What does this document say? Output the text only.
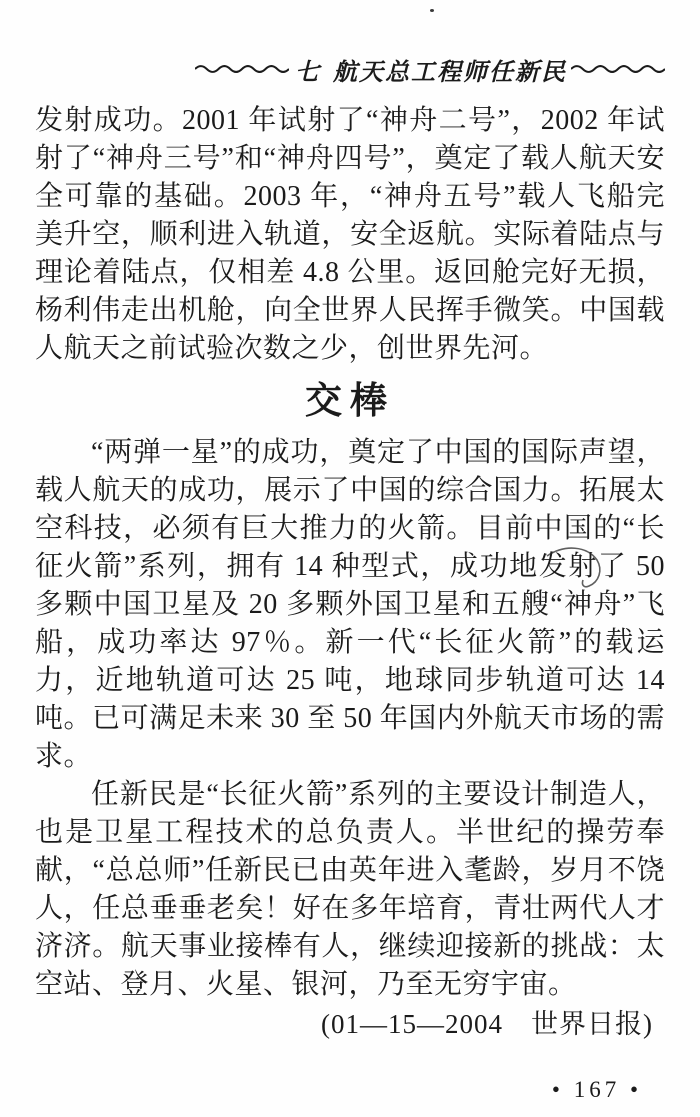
七 航天总工程师任新民

发射成功。2001 年试射了“神舟二号”，2002 年试射了“神舟三号”和“神舟四号”，奠定了载人航天安全可靠的基础。2003 年，“神舟五号”载人飞船完美升空，顺利进入轨道，安全返航。实际着陆点与理论着陆点，仅相差 4.8 公里。返回舱完好无损，杨利伟走出机舱，向全世界人民挥手微笑。中国载人航天之前试验次数之少，创世界先河。

交棒

“两弹一星”的成功，奠定了中国的国际声望，载人航天的成功，展示了中国的综合国力。拓展太空科技，必须有巨大推力的火箭。目前中国的“长征火箭”系列，拥有 14 种型式，成功地发射了 50 多颗中国卫星及 20 多颗外国卫星和五艘“神舟”飞船，成功率达 97％。新一代“长征火箭”的载运力，近地轨道可达 25 吨，地球同步轨道可达 14 吨。已可满足未来 30 至 50 年国内外航天市场的需求。

任新民是“长征火箭”系列的主要设计制造人，也是卫星工程技术的总负责人。半世纪的操劳奉献，“总总师”任新民已由英年进入耄龄，岁月不饶人，任总垂垂老矣！好在多年培育，青壮两代人才济济。航天事业接棒有人，继续迎接新的挑战：太空站、登月、火星、银河，乃至无穷宇宙。

(01—15—2004　世界日报)

• 167 •
